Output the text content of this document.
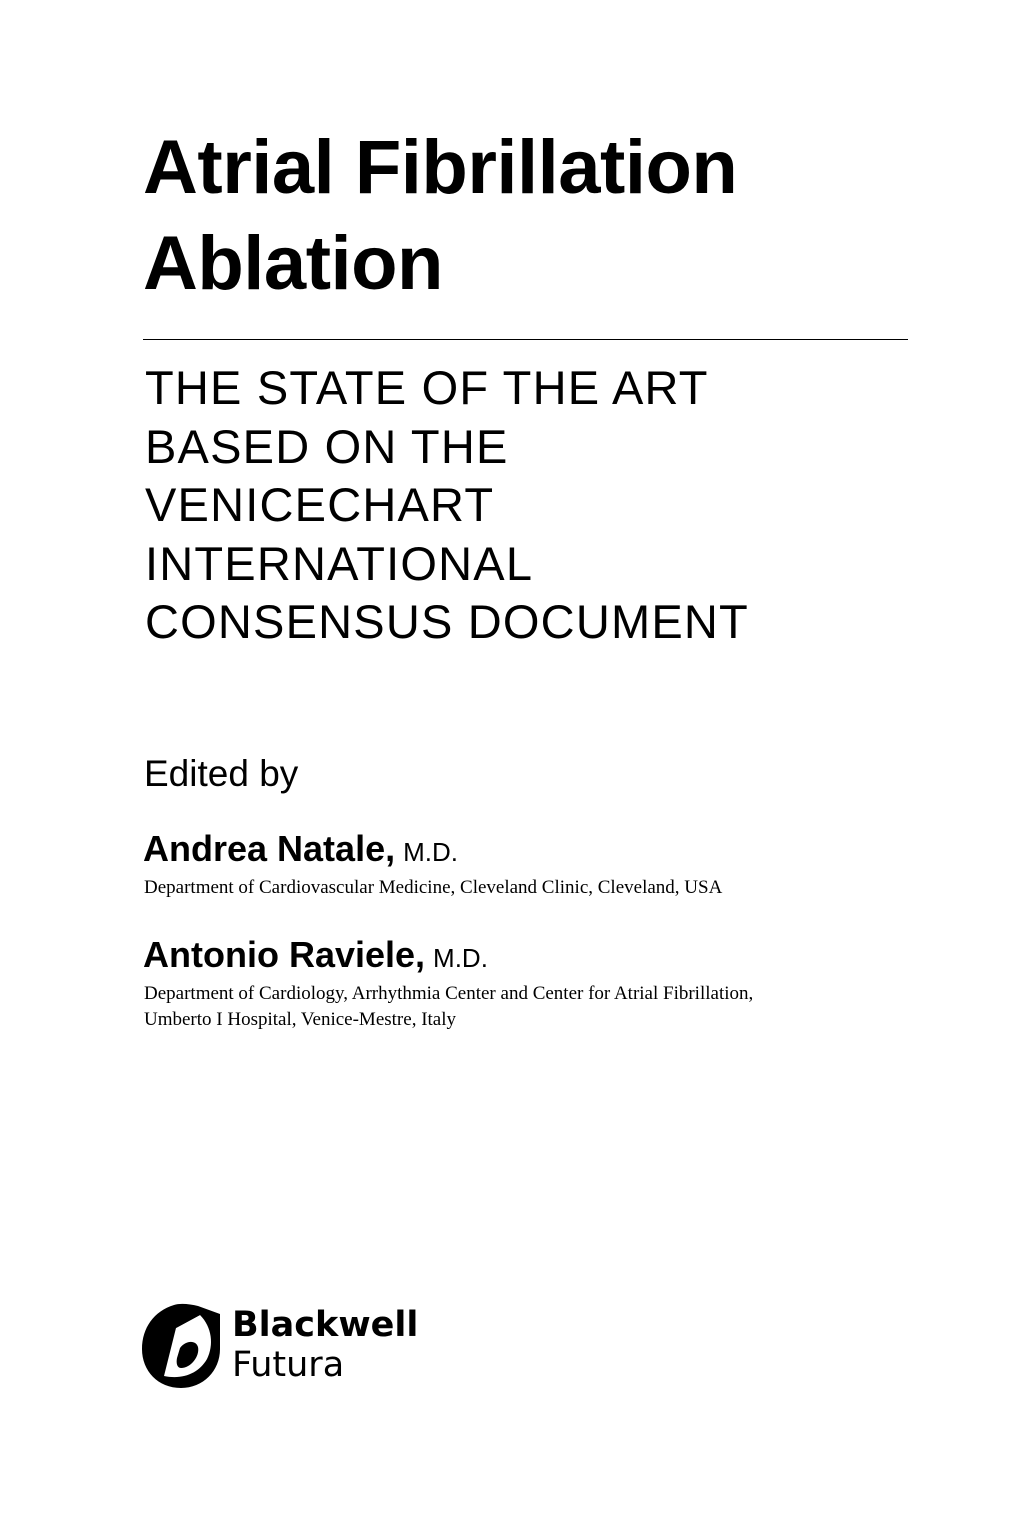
Atrial Fibrillation
Ablation
THE STATE OF THE ART
BASED ON THE
VENICECHART
INTERNATIONAL
CONSENSUS DOCUMENT

Edited by

Andrea Natale, M.D.

Department of Cardiovascular Medicine, Cleveland Clinic, Cleveland, USA

Antonio Raviele, M.D.

Department of Cardiology, Arrhythmia Center and Center for Atrial Fibrillation,
Umberto I Hospital, Venice-Mestre, Italy

Blackwell
Futura
